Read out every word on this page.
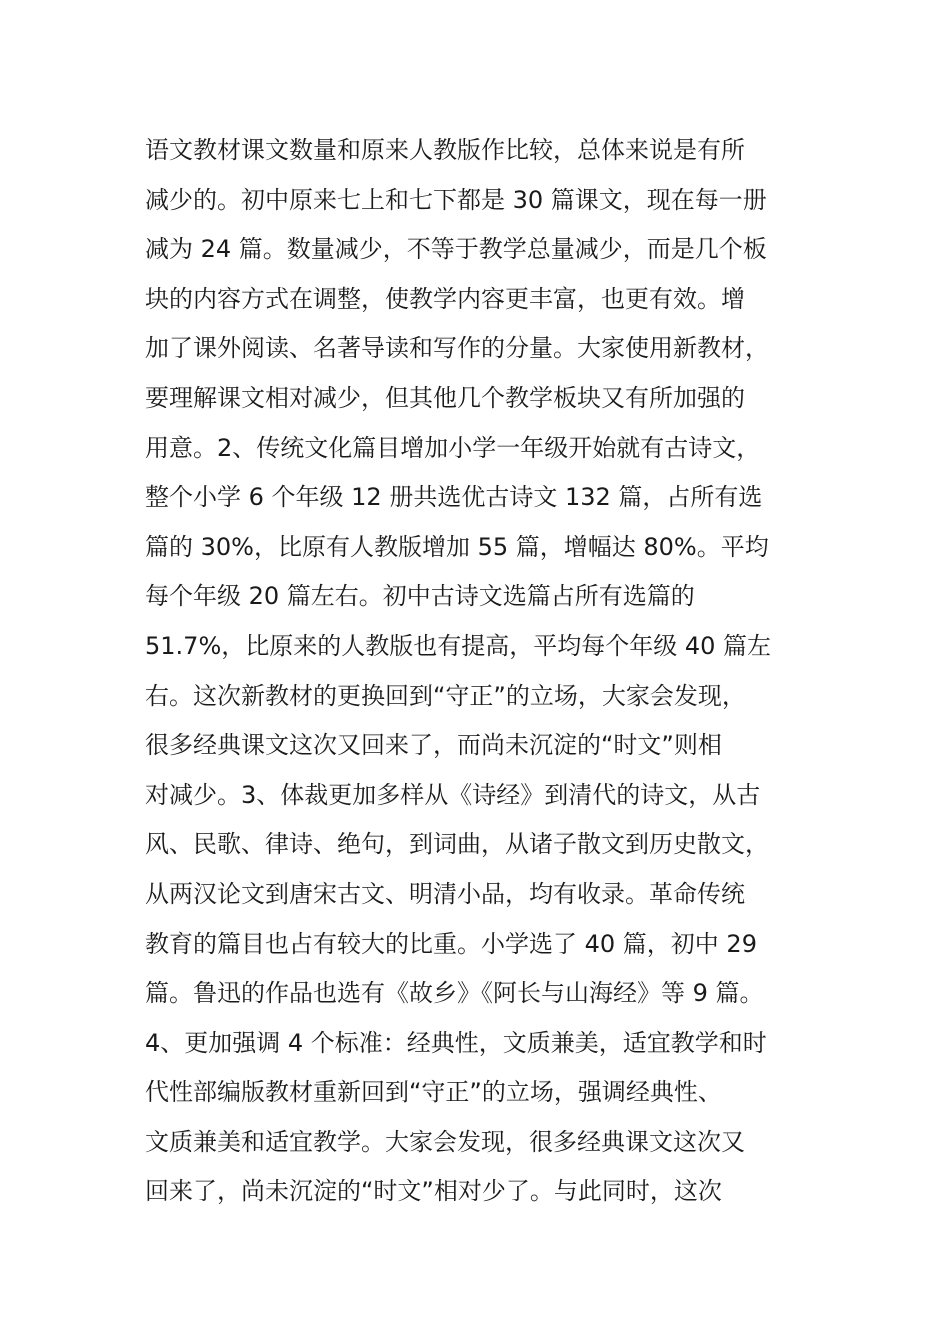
语文教材课文数量和原来人教版作比较，总体来说是有所
减少的。初中原来七上和七下都是 30 篇课文，现在每一册
减为 24 篇。数量减少，不等于教学总量减少，而是几个板
块的内容方式在调整，使教学内容更丰富，也更有效。增
加了课外阅读、名著导读和写作的分量。大家使用新教材，
要理解课文相对减少，但其他几个教学板块又有所加强的
用意。2、传统文化篇目增加小学一年级开始就有古诗文，
整个小学 6 个年级 12 册共选优古诗文 132 篇，占所有选
篇的 30%，比原有人教版增加 55 篇，增幅达 80%。平均
每个年级 20 篇左右。初中古诗文选篇占所有选篇的
51.7%，比原来的人教版也有提高，平均每个年级 40 篇左
右。这次新教材的更换回到“守正”的立场，大家会发现，
很多经典课文这次又回来了，而尚未沉淀的“时文”则相
对减少。3、体裁更加多样从《诗经》到清代的诗文，从古
风、民歌、律诗、绝句，到词曲，从诸子散文到历史散文，
从两汉论文到唐宋古文、明清小品，均有收录。革命传统
教育的篇目也占有较大的比重。小学选了 40 篇，初中 29
篇。鲁迅的作品也选有《故乡》《阿长与山海经》等 9 篇。
4、更加强调 4 个标准：经典性，文质兼美，适宜教学和时
代性部编版教材重新回到“守正”的立场，强调经典性、
文质兼美和适宜教学。大家会发现，很多经典课文这次又
回来了，尚未沉淀的“时文”相对少了。与此同时，这次
